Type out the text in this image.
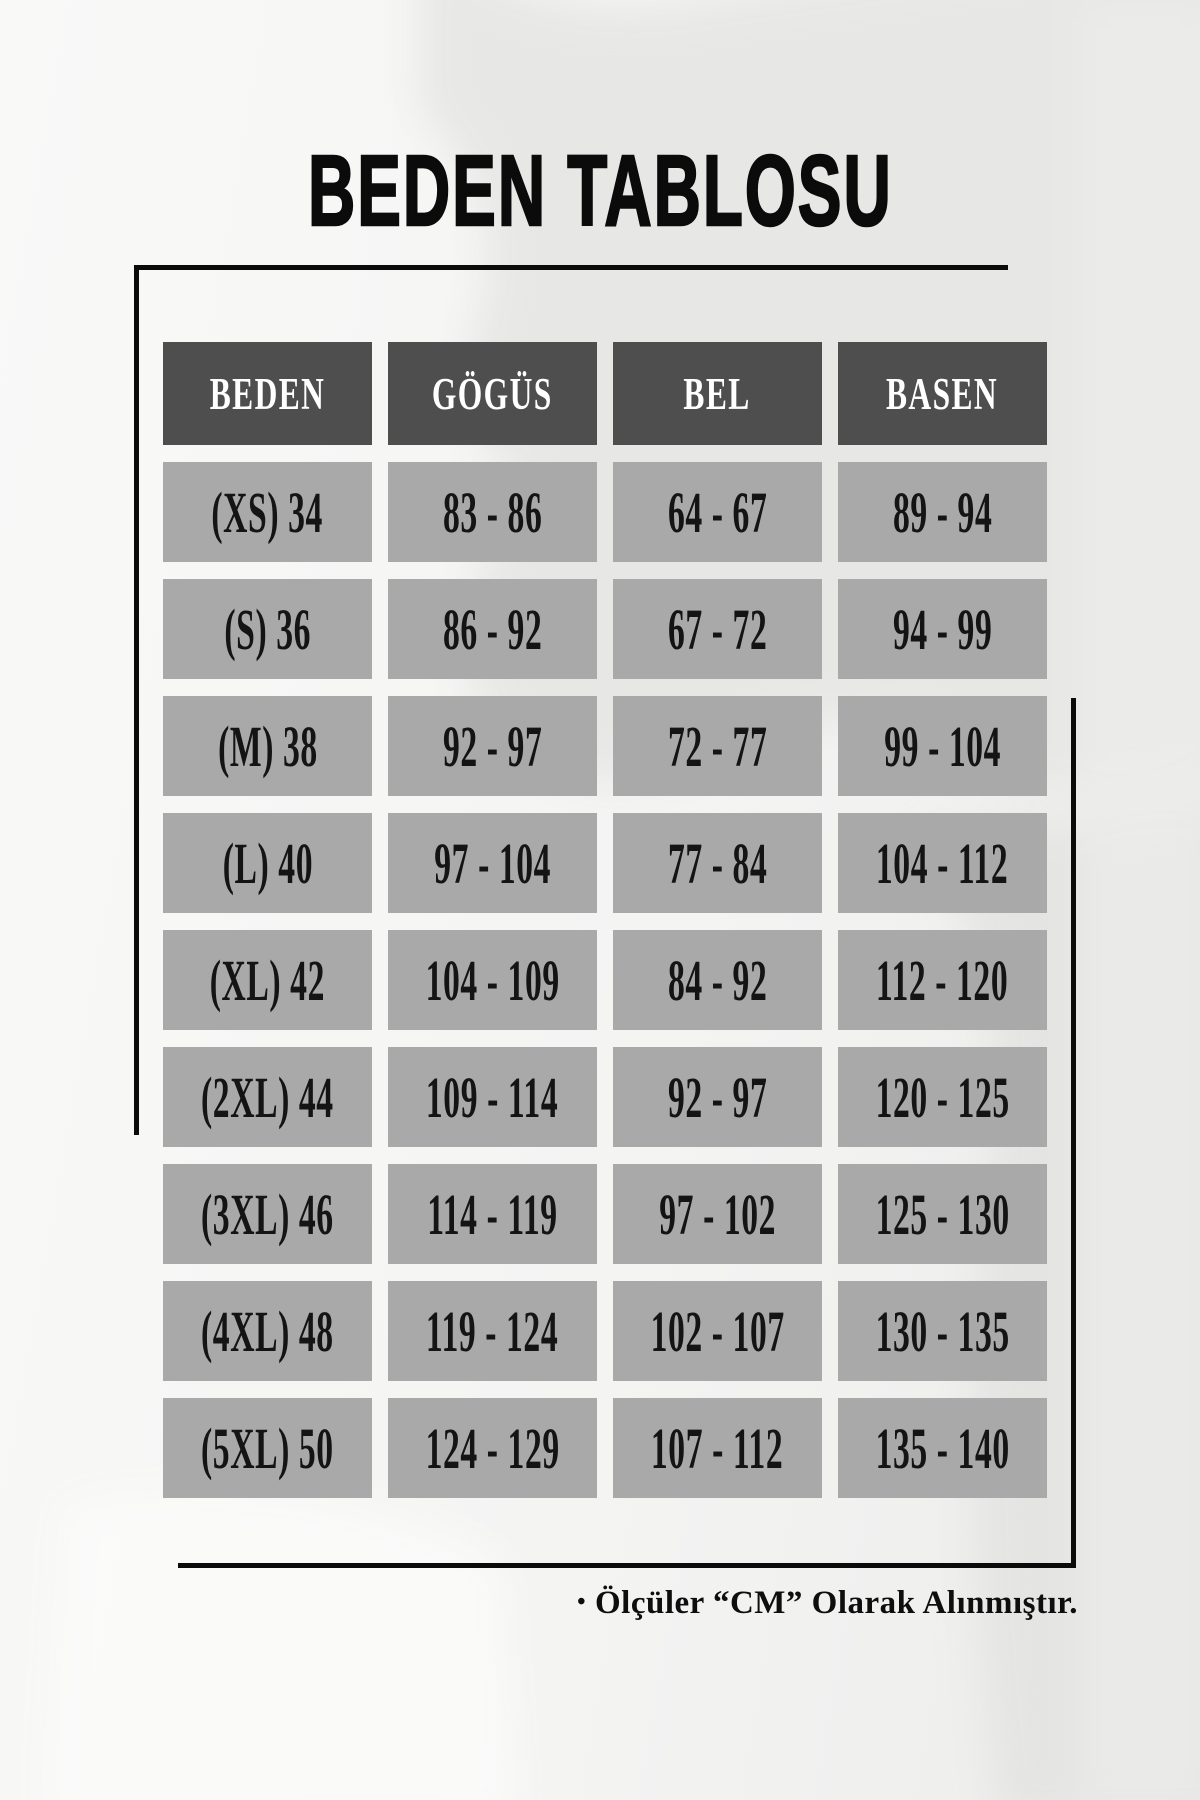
BEDEN TABLOSU
BEDEN GÖGÜS	BEL	BASEN
(XS) 34 83 - 86 64 - 67 89 - 94
(S) 36 86 - 92 67 - 72 94 - 99
(M) 38 92 - 97 72 - 77 99 - 104
(L) 40 97 - 104 77 - 84 104 - 112
(XL) 42 104 - 109 84 - 92 112 - 120
(2XL) 44 109 - 114 92 - 97 120 - 125
(3XL) 46 114 - 119 97 - 102 125 - 130
(4XL) 48 119 - 124 102 - 107 130 - 135
(5XL) 50 124 - 129 107 - 112 135 - 140

• Ölçüler “CM” Olarak Alınmıştır.
